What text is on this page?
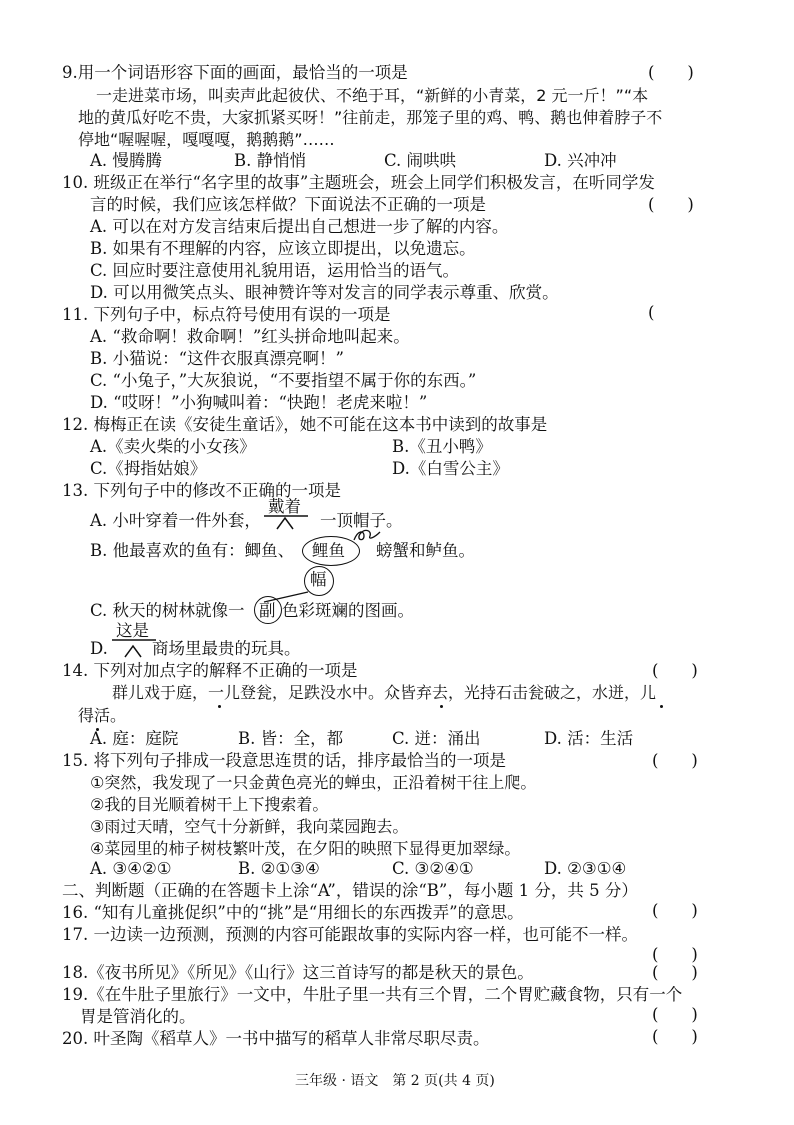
9.用一个词语形容下面的画面，最恰当的一项是	(　　)
一走进菜市场，叫卖声此起彼伏、不绝于耳，“新鲜的小青菜，2 元一斤！”“本
地的黄瓜好吃不贵，大家抓紧买呀！”往前走，那笼子里的鸡、鸭、鹅也伸着脖子不
停地“喔喔喔，嘎嘎嘎，鹅鹅鹅”……
A. 慢腾腾	B. 静悄悄	C. 闹哄哄	D. 兴冲冲
10. 班级正在举行“名字里的故事”主题班会，班会上同学们积极发言，在听同学发
言的时候，我们应该怎样做？下面说法不正确的一项是	(　　)
A. 可以在对方发言结束后提出自己想进一步了解的内容。
B. 如果有不理解的内容，应该立即提出，以免遗忘。
C. 回应时要注意使用礼貌用语，运用恰当的语气。
D. 可以用微笑点头、眼神赞许等对发言的同学表示尊重、欣赏。
11. 下列句子中，标点符号使用有误的一项是	(
A. “救命啊！救命啊！”红头拼命地叫起来。
B. 小猫说：“这件衣服真漂亮啊！”
C. “小兔子，”大灰狼说，“不要指望不属于你的东西。”
D. “哎呀！”小狗喊叫着：“快跑！老虎来啦！”
12. 梅梅正在读《安徒生童话》，她不可能在这本书中读到的故事是
A.《卖火柴的小女孩》	B.《丑小鸭》
C.《拇指姑娘》	D.《白雪公主》
13. 下列句子中的修改不正确的一项是
戴着
A. 小叶穿着一件外套，	一顶帽子。
B. 他最喜欢的鱼有：鲫鱼、 鲤鱼 螃蟹和鲈鱼。
幅
C. 秋天的树林就像一 副 色彩斑斓的图画。
这是
D.	商场里最贵的玩具。
14. 下列对加点字的解释不正确的一项是	(　　)
群儿戏于庭，一儿登瓮，足跌没水中。众皆弃去，光持石击瓮破之，水迸，儿
得活。
A. 庭：庭院	B. 皆：全，都	C. 迸：涌出	D. 活：生活
15. 将下列句子排成一段意思连贯的话，排序最恰当的一项是	(　　)
①突然，我发现了一只金黄色亮光的蝉虫，正沿着树干往上爬。
②我的目光顺着树干上下搜索着。
③雨过天晴，空气十分新鲜，我向菜园跑去。
④菜园里的柿子树枝繁叶茂，在夕阳的映照下显得更加翠绿。
A. ③④②①	B. ②①③④	C. ③②④①	D. ②③①④
二、判断题（正确的在答题卡上涂“A”，错误的涂“B”，每小题 1 分，共 5 分）
16. “知有儿童挑促织”中的“挑”是“用细长的东西拨弄”的意思。	(　　)
17. 一边读一边预测，预测的内容可能跟故事的实际内容一样，也可能不一样。
(　　)
18.《夜书所见》《所见》《山行》这三首诗写的都是秋天的景色。	(　　)
19.《在牛肚子里旅行》一文中，牛肚子里一共有三个胃，二个胃贮藏食物，只有一个
胃是管消化的。	(　　)
20. 叶圣陶《稻草人》一书中描写的稻草人非常尽职尽责。	(　　)
三年级 · 语文　第 2 页(共 4 页)
